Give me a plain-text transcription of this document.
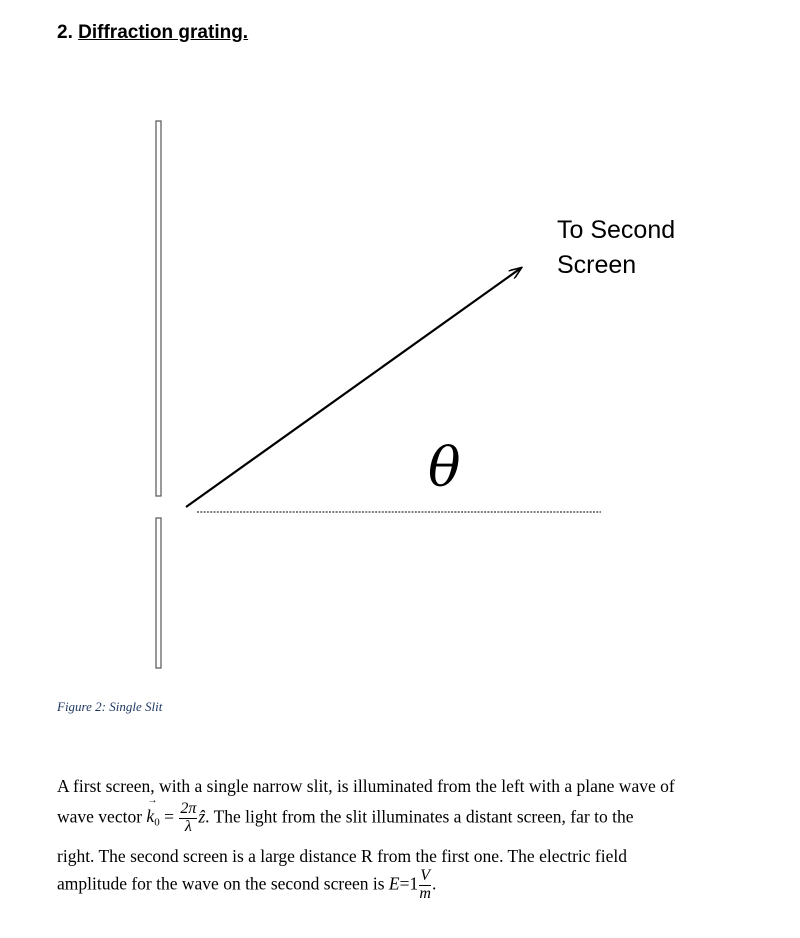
2. Diffraction grating.
θ
To Second
Screen
Figure 2: Single Slit
A first screen, with a single narrow slit, is illuminated from the left with a plane wave of
wave vector → $k_0 = \frac{2\pi}{\lambda}$ ẑ. The light from the slit illuminates a distant screen, far to the
right. The second screen is a large distance R from the first one. The electric field
amplitude for the wave on the second screen is $E=1 \frac{V}{m}$ .
